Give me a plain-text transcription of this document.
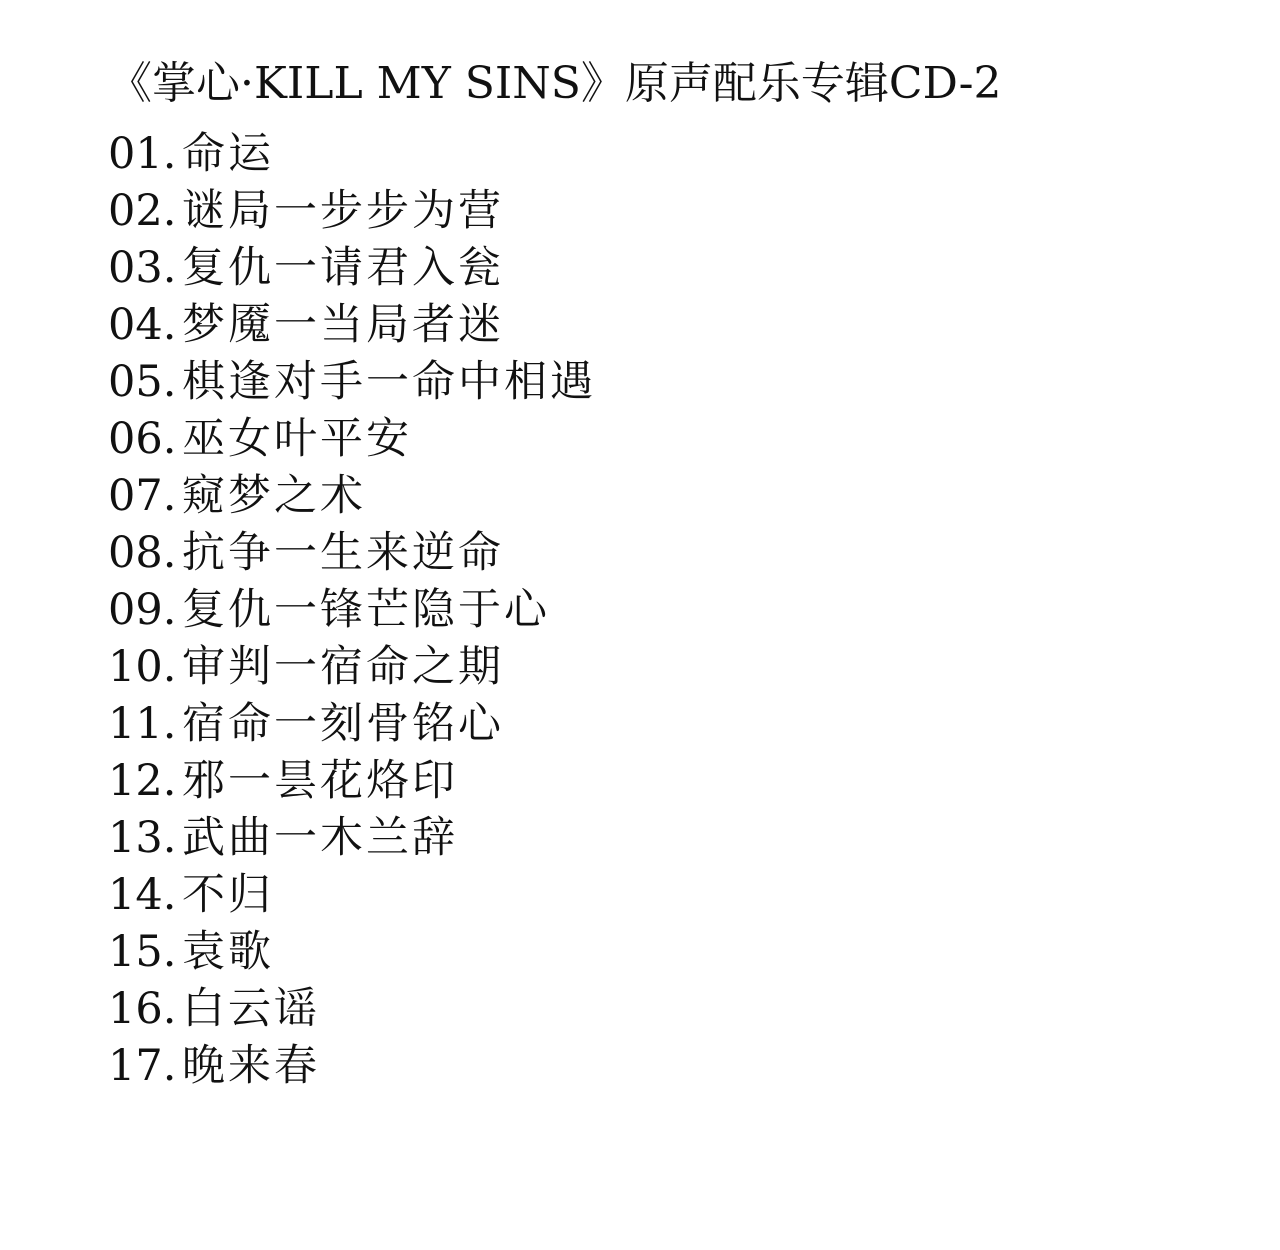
《掌心·KILL MY SINS》原声配乐专辑CD-2
01. 命运
02. 谜局一步步为营
03. 复仇一请君入瓮
04. 梦魇一当局者迷
05. 棋逢对手一命中相遇
06. 巫女叶平安
07. 窥梦之术
08. 抗争一生来逆命
09. 复仇一锋芒隐于心
10. 审判一宿命之期
11. 宿命一刻骨铭心
12. 邪一昙花烙印
13. 武曲一木兰辞
14. 不归
15. 袁歌
16. 白云谣
17. 晚来春
